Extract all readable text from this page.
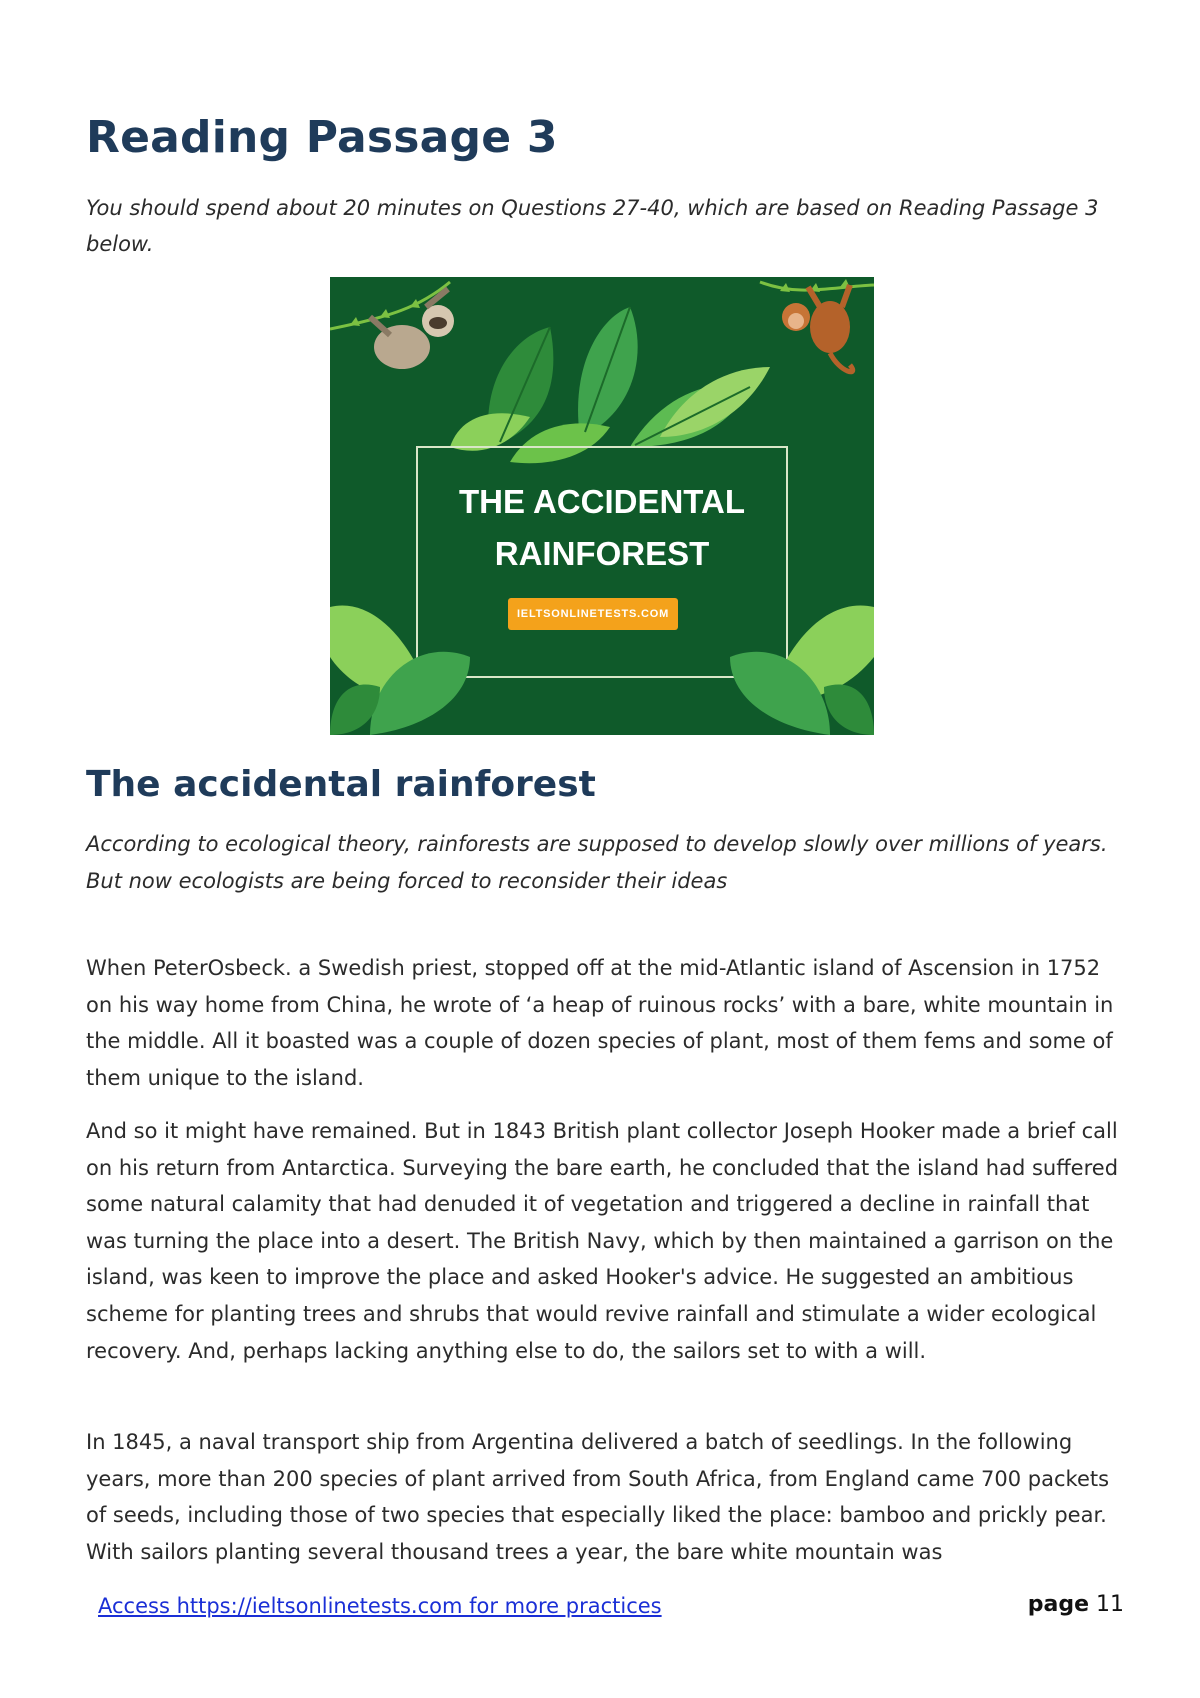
Reading Passage 3

You should spend about 20 minutes on Questions 27-40, which are based on Reading Passage 3 below.

THE ACCIDENTAL
RAINFOREST
IELTSONLINETESTS.COM
The accidental rainforest

According to ecological theory, rainforests are supposed to develop slowly over millions of years. But now ecologists are being forced to reconsider their ideas

When PeterOsbeck. a Swedish priest, stopped off at the mid-Atlantic island of Ascension in 1752 on his way home from China, he wrote of ‘a heap of ruinous rocks’ with a bare, white mountain in the middle. All it boasted was a couple of dozen species of plant, most of them fems and some of them unique to the island.

And so it might have remained. But in 1843 British plant collector Joseph Hooker made a brief call on his return from Antarctica. Surveying the bare earth, he concluded that the island had suffered some natural calamity that had denuded it of vegetation and triggered a decline in rainfall that was turning the place into a desert. The British Navy, which by then maintained a garrison on the island, was keen to improve the place and asked Hooker's advice. He suggested an ambitious scheme for planting trees and shrubs that would revive rainfall and stimulate a wider ecological recovery. And, perhaps lacking anything else to do, the sailors set to with a will.

In 1845, a naval transport ship from Argentina delivered a batch of seedlings. In the following years, more than 200 species of plant arrived from South Africa, from England came 700 packets of seeds, including those of two species that especially liked the place: bamboo and prickly pear. With sailors planting several thousand trees a year, the bare white mountain was

Access https://ieltsonlinetests.com for more practices	page 11
